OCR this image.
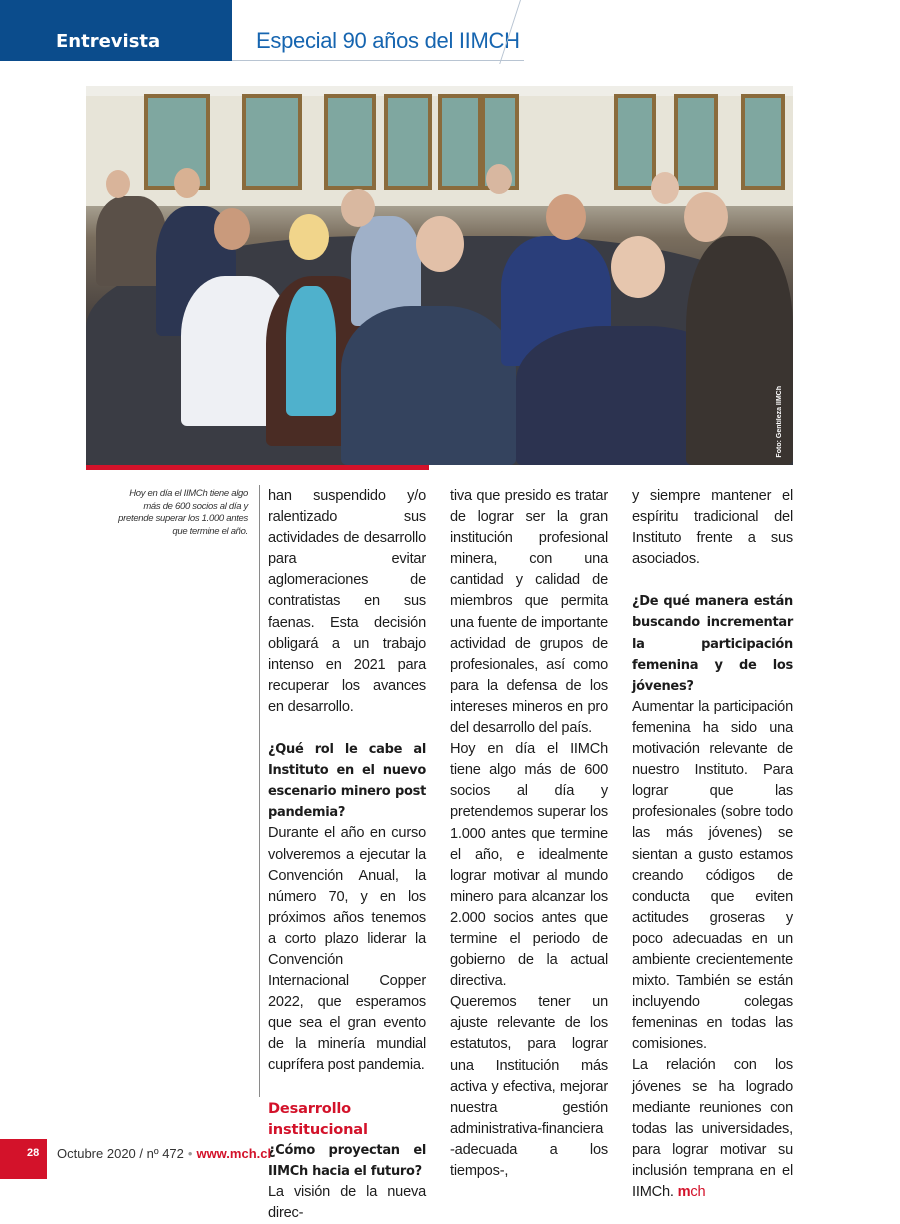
Entrevista	Especial 90 años del IIMCH
Foto: Gentileza IIMCh
Hoy en día el IIMCh tiene algo más de 600 socios al día y pretende superar los 1.000 antes que termine el año.

han suspendido y/o ralentizado sus actividades de desarrollo para evitar aglomeraciones de contratistas en sus faenas. Esta decisión obligará a un trabajo intenso en 2021 para recuperar los avances en desarrollo.

¿Qué rol le cabe al Instituto en el nuevo escenario minero post pandemia?

Durante el año en curso volveremos a ejecutar la Convención Anual, la número 70, y en los próximos años tenemos a corto plazo liderar la Convención Internacional Copper 2022, que esperamos que sea el gran evento de la minería mundial cuprífera post pandemia.

Desarrollo institucional

¿Cómo proyectan el IIMCh hacia el futuro?

La visión de la nueva direc-

tiva que presido es tratar de lograr ser la gran institución profesional minera, con una cantidad y calidad de miembros que permita una fuente de importante actividad de grupos de profesionales, así como para la defensa de los intereses mineros en pro del desarrollo del país.

Hoy en día el IIMCh tiene algo más de 600 socios al día y pretendemos superar los 1.000 antes que termine el año, e idealmente lograr motivar al mundo minero para alcanzar los 2.000 socios antes que termine el periodo de gobierno de la actual directiva.

Queremos tener un ajuste relevante de los estatutos, para lograr una Institución más activa y efectiva, mejorar nuestra gestión administrativa-financiera -adecuada a los tiempos-,

y siempre mantener el espíritu tradicional del Instituto frente a sus asociados.

¿De qué manera están buscando incrementar la participación femenina y de los jóvenes?

Aumentar la participación femenina ha sido una motivación relevante de nuestro Instituto. Para lograr que las profesionales (sobre todo las más jóvenes) se sientan a gusto estamos creando códigos de conducta que eviten actitudes groseras y poco adecuadas en un ambiente crecientemente mixto. También se están incluyendo colegas femeninas en todas las comisiones.

La relación con los jóvenes se ha logrado mediante reuniones con todas las universidades, para lograr motivar su inclusión temprana en el IIMCh. mch

28 Octubre 2020 / nº 472 • www.mch.cl
